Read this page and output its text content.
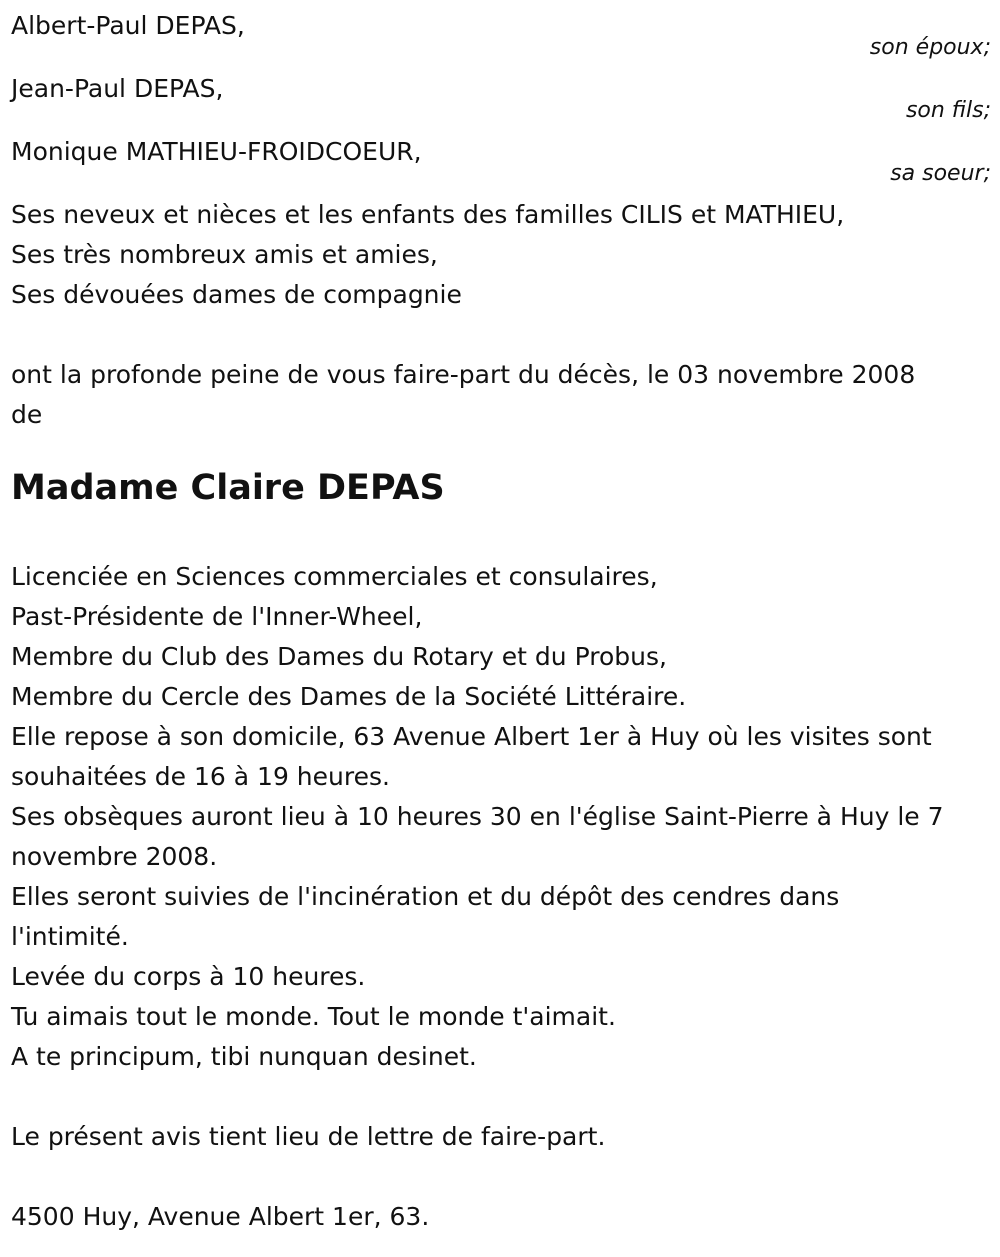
Albert-Paul DEPAS,
son époux;
Jean-Paul DEPAS,
son fils;
Monique MATHIEU-FROIDCOEUR,
sa soeur;
Ses neveux et nièces et les enfants des familles CILIS et MATHIEU,
Ses très nombreux amis et amies,
Ses dévouées dames de compagnie
ont la profonde peine de vous faire-part du décès, le 03 novembre 2008
de
Madame Claire DEPAS
Licenciée en Sciences commerciales et consulaires,
Past-Présidente de l'Inner-Wheel,
Membre du Club des Dames du Rotary et du Probus,
Membre du Cercle des Dames de la Société Littéraire.
Elle repose à son domicile, 63 Avenue Albert 1er à Huy où les visites sont
souhaitées de 16 à 19 heures.
Ses obsèques auront lieu à 10 heures 30 en l'église Saint-Pierre à Huy le 7
novembre 2008.
Elles seront suivies de l'incinération et du dépôt des cendres dans
l'intimité.
Levée du corps à 10 heures.
Tu aimais tout le monde. Tout le monde t'aimait.
A te principum, tibi nunquan desinet.
Le présent avis tient lieu de lettre de faire-part.
4500 Huy, Avenue Albert 1er, 63.
